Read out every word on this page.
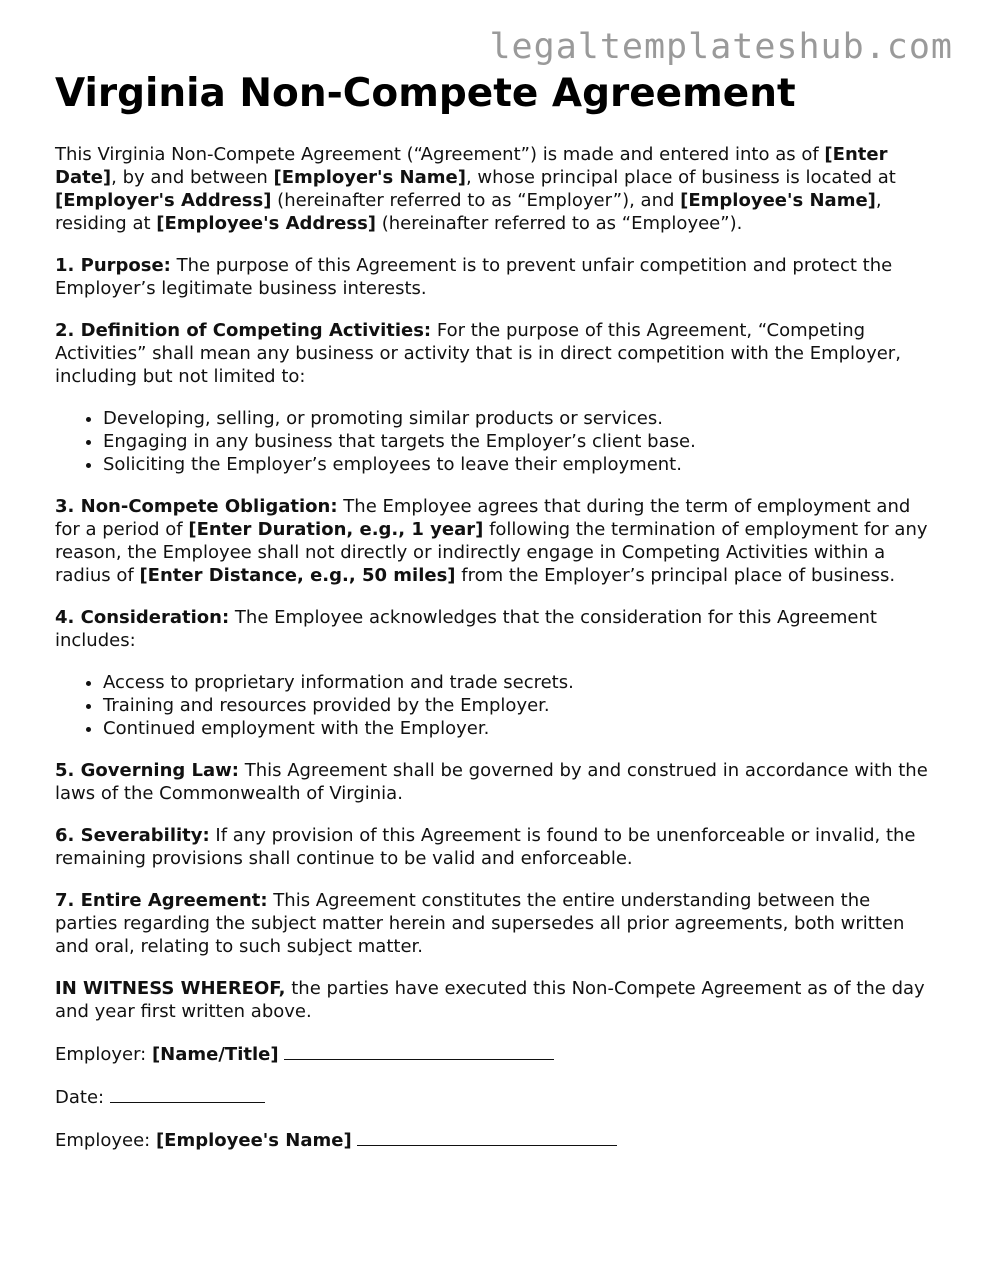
legaltemplateshub.com
Virginia Non-Compete Agreement

This Virginia Non-Compete Agreement (“Agreement”) is made and entered into as of [Enter Date], by and between [Employer's Name], whose principal place of business is located at [Employer's Address] (hereinafter referred to as “Employer”), and [Employee's Name], residing at [Employee's Address] (hereinafter referred to as “Employee”).

1. Purpose: The purpose of this Agreement is to prevent unfair competition and protect the Employer’s legitimate business interests.

2. Definition of Competing Activities: For the purpose of this Agreement, “Competing Activities” shall mean any business or activity that is in direct competition with the Employer, including but not limited to:

• Developing, selling, or promoting similar products or services.
• Engaging in any business that targets the Employer’s client base.
• Soliciting the Employer’s employees to leave their employment.

3. Non-Compete Obligation: The Employee agrees that during the term of employment and for a period of [Enter Duration, e.g., 1 year] following the termination of employment for any reason, the Employee shall not directly or indirectly engage in Competing Activities within a radius of [Enter Distance, e.g., 50 miles] from the Employer’s principal place of business.

4. Consideration: The Employee acknowledges that the consideration for this Agreement includes:

• Access to proprietary information and trade secrets.
• Training and resources provided by the Employer.
• Continued employment with the Employer.

5. Governing Law: This Agreement shall be governed by and construed in accordance with the laws of the Commonwealth of Virginia.

6. Severability: If any provision of this Agreement is found to be unenforceable or invalid, the remaining provisions shall continue to be valid and enforceable.

7. Entire Agreement: This Agreement constitutes the entire understanding between the parties regarding the subject matter herein and supersedes all prior agreements, both written and oral, relating to such subject matter.

IN WITNESS WHEREOF, the parties have executed this Non-Compete Agreement as of the day and year first written above.

Employer: [Name/Title]

Date:

Employee: [Employee's Name]
